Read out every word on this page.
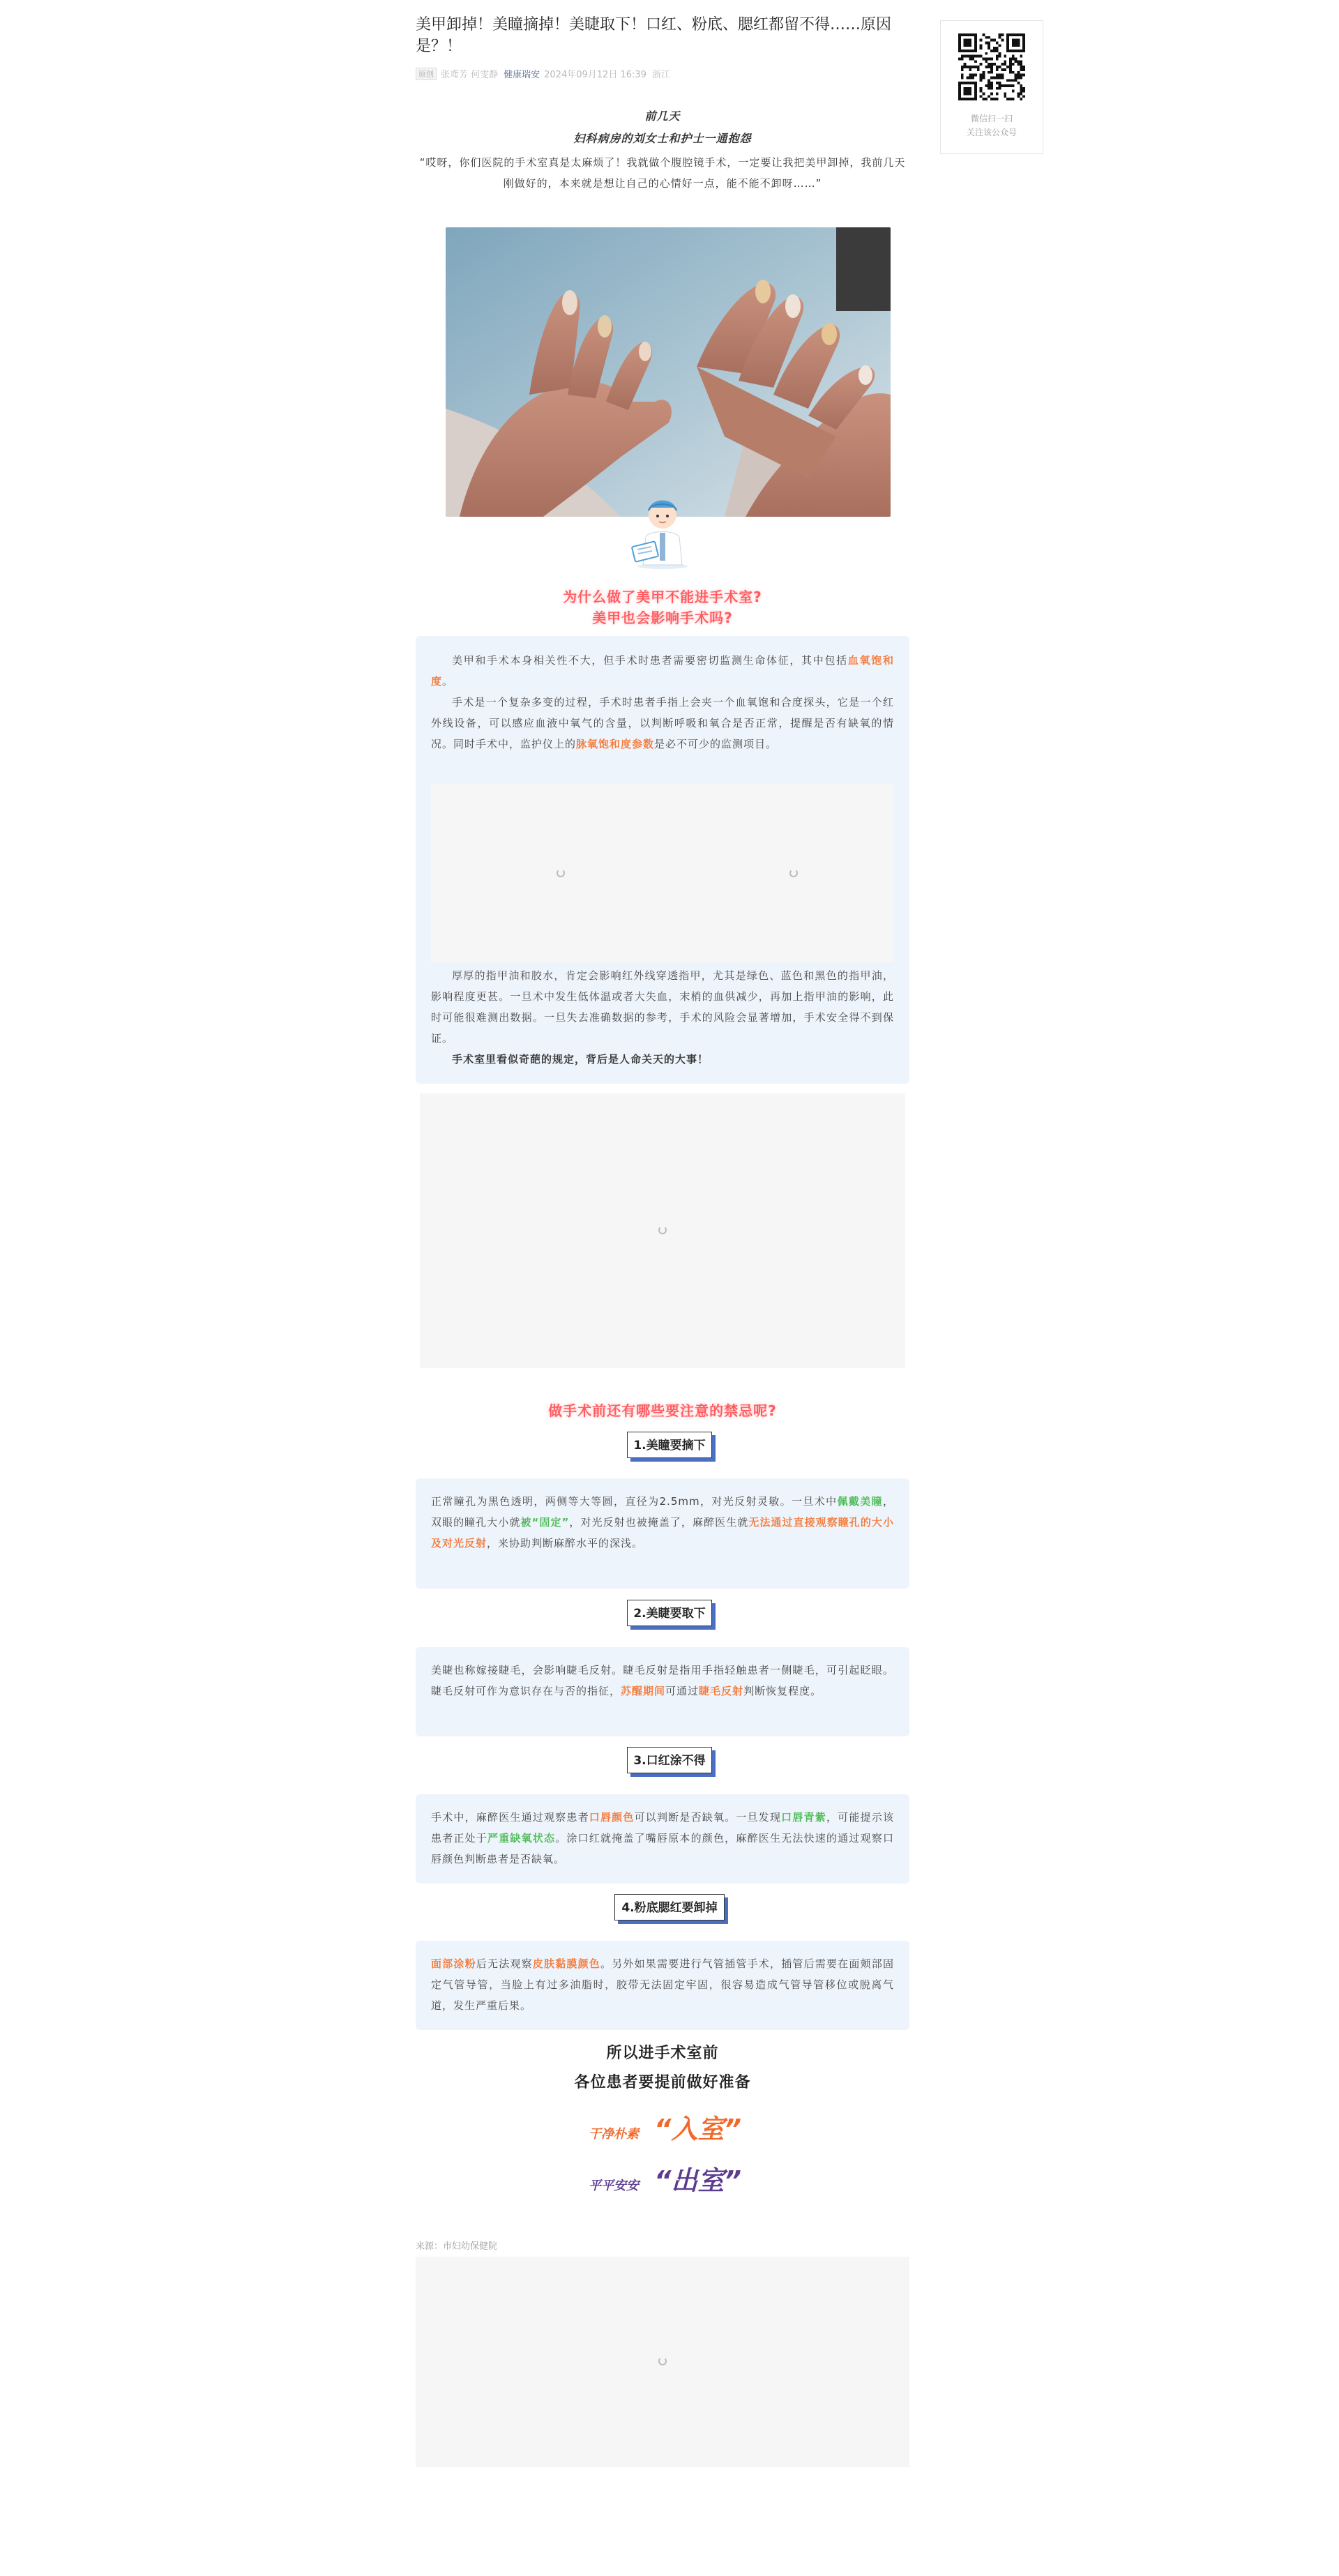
美甲卸掉！美瞳摘掉！美睫取下！口红、粉底、腮红都留不得……原因是？！
原创 张鸢芳 何雯静 健康瑞安 2024年09月12日 16:39 浙江
前几天
妇科病房的刘女士和护士一通抱怨
“哎呀，你们医院的手术室真是太麻烦了！我就做个腹腔镜手术，一定要让我把美甲卸掉，我前几天刚做好的，本来就是想让自己的心情好一点，能不能不卸呀……”
为什么做了美甲不能进手术室?
美甲也会影响手术吗?

美甲和手术本身相关性不大，但手术时患者需要密切监测生命体征，其中包括血氧饱和度。

手术是一个复杂多变的过程，手术时患者手指上会夹一个血氧饱和合度探头，它是一个红外线设备，可以感应血液中氧气的含量，以判断呼吸和氧合是否正常，提醒是否有缺氧的情况。同时手术中，监护仪上的脉氧饱和度参数是必不可少的监测项目。

厚厚的指甲油和胶水，肯定会影响红外线穿透指甲，尤其是绿色、蓝色和黑色的指甲油，影响程度更甚。一旦术中发生低体温或者大失血，末梢的血供减少，再加上指甲油的影响，此时可能很难测出数据。一旦失去准确数据的参考，手术的风险会显著增加，手术安全得不到保证。

手术室里看似奇葩的规定，背后是人命关天的大事！

做手术前还有哪些要注意的禁忌呢?
1.美瞳要摘下

正常瞳孔为黑色透明，两侧等大等圆，直径为2.5mm，对光反射灵敏。一旦术中佩戴美瞳，双眼的瞳孔大小就被“固定”，对光反射也被掩盖了，麻醉医生就无法通过直接观察瞳孔的大小及对光反射，来协助判断麻醉水平的深浅。

2.美睫要取下

美睫也称嫁接睫毛，会影响睫毛反射。睫毛反射是指用手指轻触患者一侧睫毛，可引起眨眼。睫毛反射可作为意识存在与否的指征，苏醒期间可通过睫毛反射判断恢复程度。

3.口红涂不得

手术中，麻醉医生通过观察患者口唇颜色可以判断是否缺氧。一旦发现口唇青紫，可能提示该患者正处于严重缺氧状态。涂口红就掩盖了嘴唇原本的颜色，麻醉医生无法快速的通过观察口唇颜色判断患者是否缺氧。

4.粉底腮红要卸掉

面部涂粉后无法观察皮肤黏膜颜色。另外如果需要进行气管插管手术，插管后需要在面颊部固定气管导管，当脸上有过多油脂时，胶带无法固定牢固，很容易造成气管导管移位或脱离气道，发生严重后果。

所以进手术室前
各位患者要提前做好准备
干净朴素 “入室”
平平安安 “出室”
来源：市妇幼保健院
微信扫一扫
关注该公众号
